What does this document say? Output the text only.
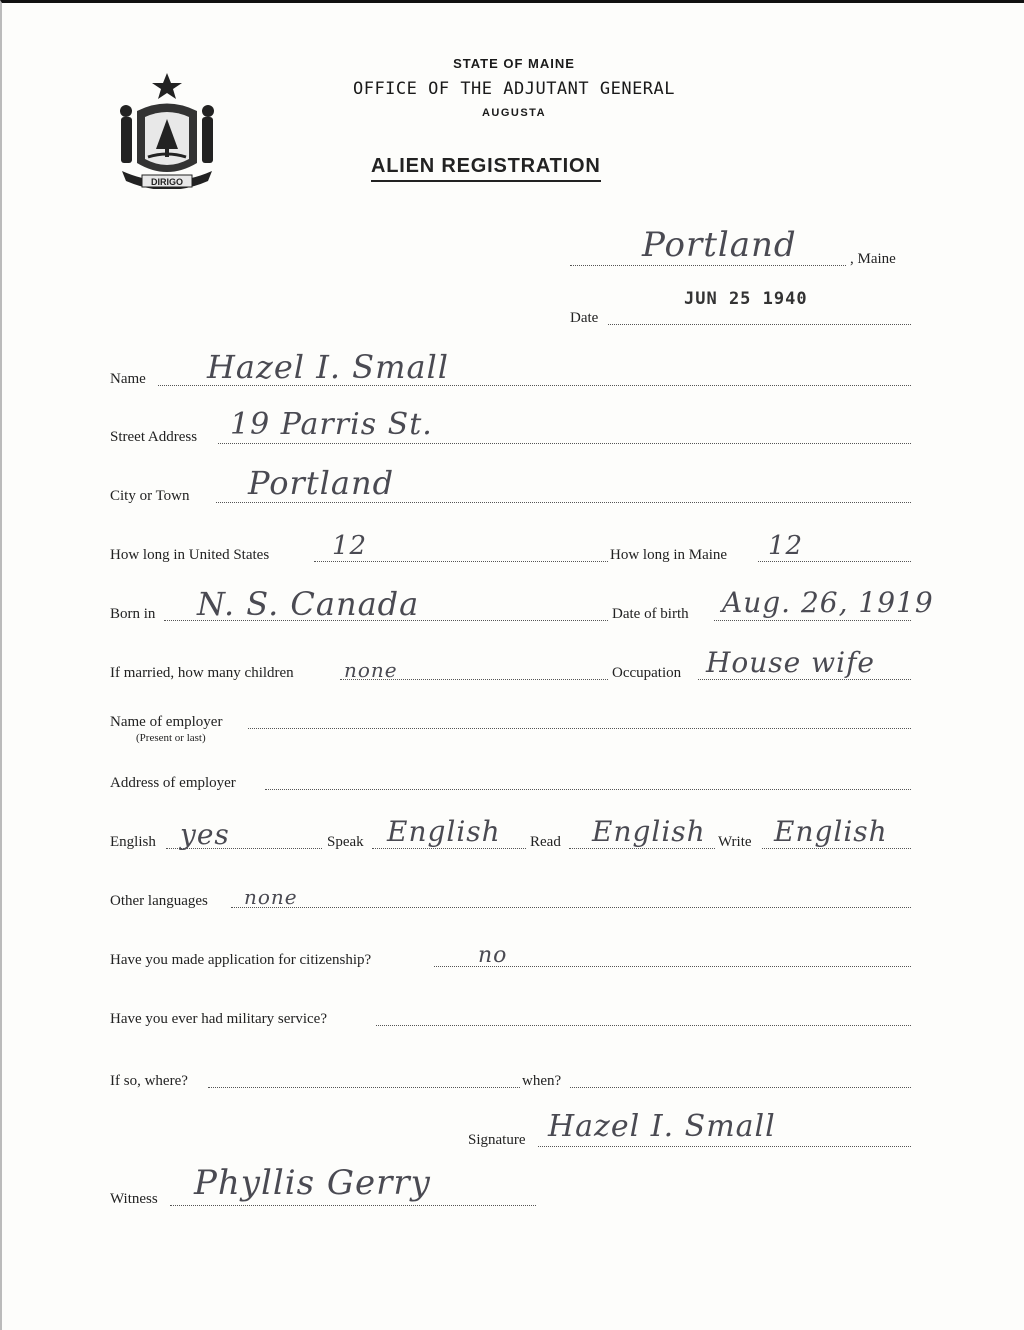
DIRIGO
STATE OF MAINE
OFFICE OF THE ADJUTANT GENERAL
AUGUSTA
ALIEN REGISTRATION
Portland	, Maine
JUN 25 1940
Date
Name Hazel I. Small
Street Address 19 Parris St.
City or Town Portland
How long in United States 12	How long in Maine 12
Born in N. S. Canada	Date of birth Aug. 26, 1919
If married, how many children	none	Occupation House wife
Name of employer
(Present or last)
Address of employer
English yes	Speak English Read English Write English
Other languages none
Have you made application for citizenship?	no
Have you ever had military service?
If so, where?	when?
Signature Hazel I. Small
Witness Phyllis Gerry
